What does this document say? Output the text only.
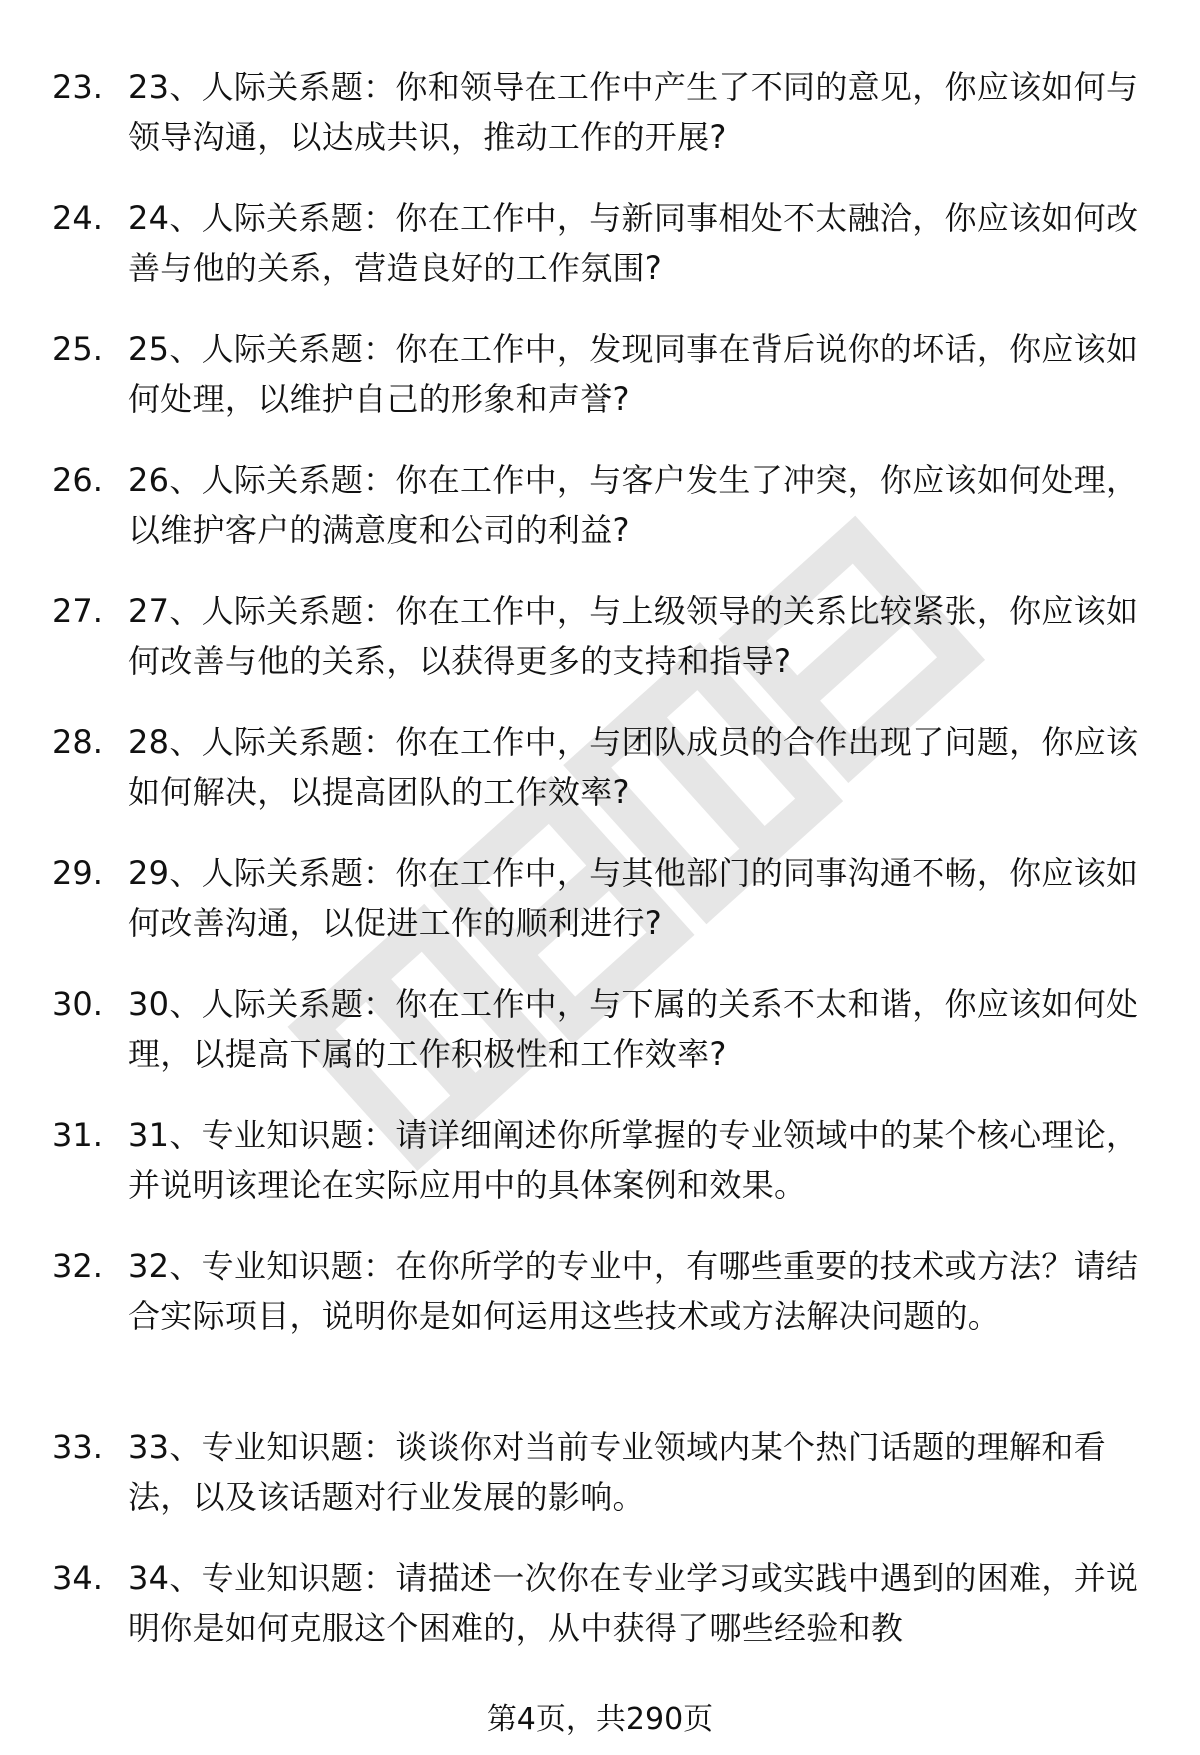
23. 23、人际关系题：你和领导在工作中产生了不同的意见，你应该如何与领导沟通，以达成共识，推动工作的开展?
24. 24、人际关系题：你在工作中，与新同事相处不太融洽，你应该如何改善与他的关系，营造良好的工作氛围?
25. 25、人际关系题：你在工作中，发现同事在背后说你的坏话，你应该如何处理，以维护自己的形象和声誉?
26. 26、人际关系题：你在工作中，与客户发生了冲突，你应该如何处理，以维护客户的满意度和公司的利益?
27. 27、人际关系题：你在工作中，与上级领导的关系比较紧张，你应该如何改善与他的关系，以获得更多的支持和指导?
28. 28、人际关系题：你在工作中，与团队成员的合作出现了问题，你应该如何解决，以提高团队的工作效率?
29. 29、人际关系题：你在工作中，与其他部门的同事沟通不畅，你应该如何改善沟通，以促进工作的顺利进行?
30. 30、人际关系题：你在工作中，与下属的关系不太和谐，你应该如何处理，以提高下属的工作积极性和工作效率?
31. 31、专业知识题：请详细阐述你所掌握的专业领域中的某个核心理论，并说明该理论在实际应用中的具体案例和效果。
32. 32、专业知识题：在你所学的专业中，有哪些重要的技术或方法？请结合实际项目，说明你是如何运用这些技术或方法解决问题的。
33. 33、专业知识题：谈谈你对当前专业领域内某个热门话题的理解和看法，以及该话题对行业发展的影响。
34. 34、专业知识题：请描述一次你在专业学习或实践中遇到的困难，并说明你是如何克服这个困难的，从中获得了哪些经验和教
第4页，共290页
